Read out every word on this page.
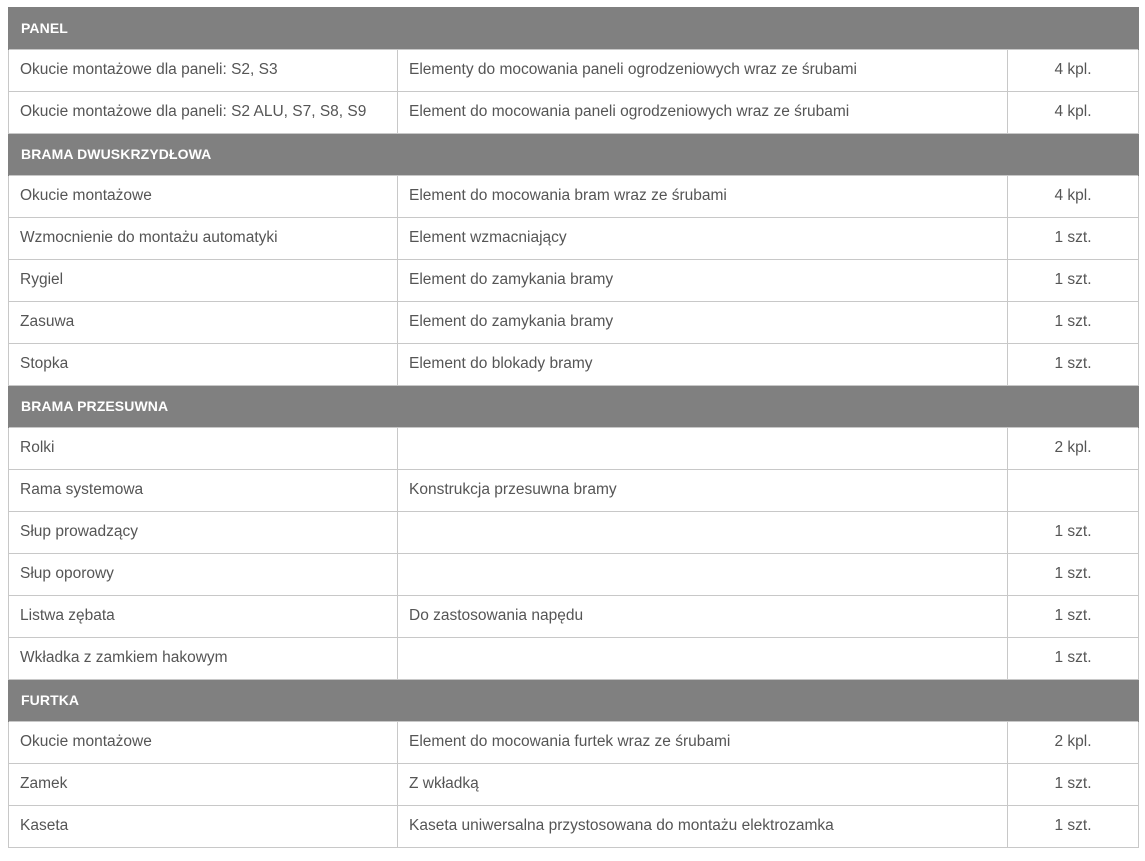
PANEL		
Okucie montażowe dla paneli: S2, S3	Elementy do mocowania paneli ogrodzeniowych wraz ze śrubami	4 kpl.
Okucie montażowe dla paneli: S2 ALU, S7, S8, S9	Element do mocowania paneli ogrodzeniowych wraz ze śrubami	4 kpl.
BRAMA DWUSKRZYDŁOWA		
Okucie montażowe	Element do mocowania bram wraz ze śrubami	4 kpl.
Wzmocnienie do montażu automatyki	Element wzmacniający	1 szt.
Rygiel	Element do zamykania bramy	1 szt.
Zasuwa	Element do zamykania bramy	1 szt.
Stopka	Element do blokady bramy	1 szt.
BRAMA PRZESUWNA		
Rolki		2 kpl.
Rama systemowa	Konstrukcja przesuwna bramy	
Słup prowadzący		1 szt.
Słup oporowy		1 szt.
Listwa zębata	Do zastosowania napędu	1 szt.
Wkładka z zamkiem hakowym		1 szt.
FURTKA		
Okucie montażowe	Element do mocowania furtek wraz ze śrubami	2 kpl.
Zamek	Z wkładką	1 szt.
Kaseta	Kaseta uniwersalna przystosowana do montażu elektrozamka	1 szt.
